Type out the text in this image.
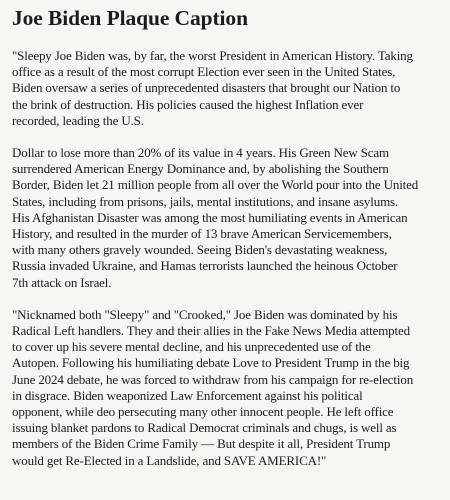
Joe Biden Plaque Caption

"Sleepy Joe Biden was, by far, the worst President in American History. Taking
office as a result of the most corrupt Election ever seen in the United States,
Biden oversaw a series of unprecedented disasters that brought our Nation to
the brink of destruction. His policies caused the highest Inflation ever
recorded, leading the U.S.

Dollar to lose more than 20% of its value in 4 years. His Green New Scam
surrendered American Energy Dominance and, by abolishing the Southern
Border, Biden let 21 million people from all over the World pour into the United
States, including from prisons, jails, mental institutions, and insane asylums.
His Afghanistan Disaster was among the most humiliating events in American
History, and resulted in the murder of 13 brave American Servicemembers,
with many others gravely wounded. Seeing Biden's devastating weakness,
Russia invaded Ukraine, and Hamas terrorists launched the heinous October
7th attack on Israel.

"Nicknamed both "Sleepy" and "Crooked," Joe Biden was dominated by his
Radical Left handlers. They and their allies in the Fake News Media attempted
to cover up his severe mental decline, and his unprecedented use of the
Autopen. Following his humiliating debate Love to President Trump in the big
June 2024 debate, he was forced to withdraw from his campaign for re-election
in disgrace. Biden weaponized Law Enforcement against his political
opponent, while deo persecuting many other innocent people. He left office
issuing blanket pardons to Radical Democrat criminals and chugs, is well as
members of the Biden Crime Family — But despite it all, President Trump
would get Re-Elected in a Landslide, and SAVE AMERICA!"
